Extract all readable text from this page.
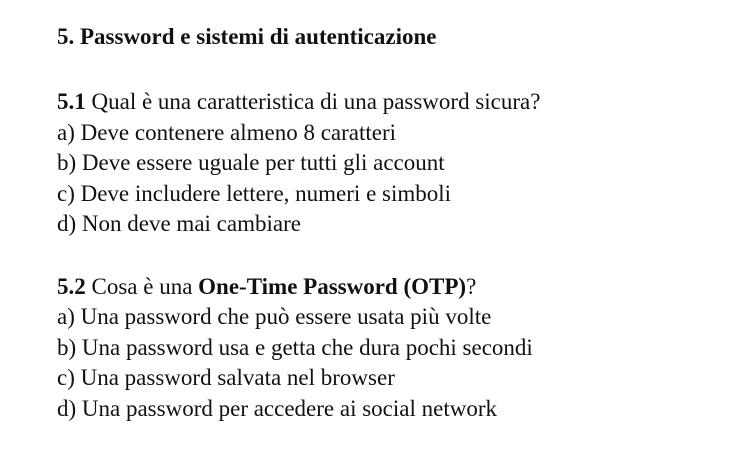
5. Password e sistemi di autenticazione

5.1 Qual è una caratteristica di una password sicura?

a) Deve contenere almeno 8 caratteri

b) Deve essere uguale per tutti gli account

c) Deve includere lettere, numeri e simboli

d) Non deve mai cambiare

5.2 Cosa è una One-Time Password (OTP)?

a) Una password che può essere usata più volte

b) Una password usa e getta che dura pochi secondi

c) Una password salvata nel browser

d) Una password per accedere ai social network
